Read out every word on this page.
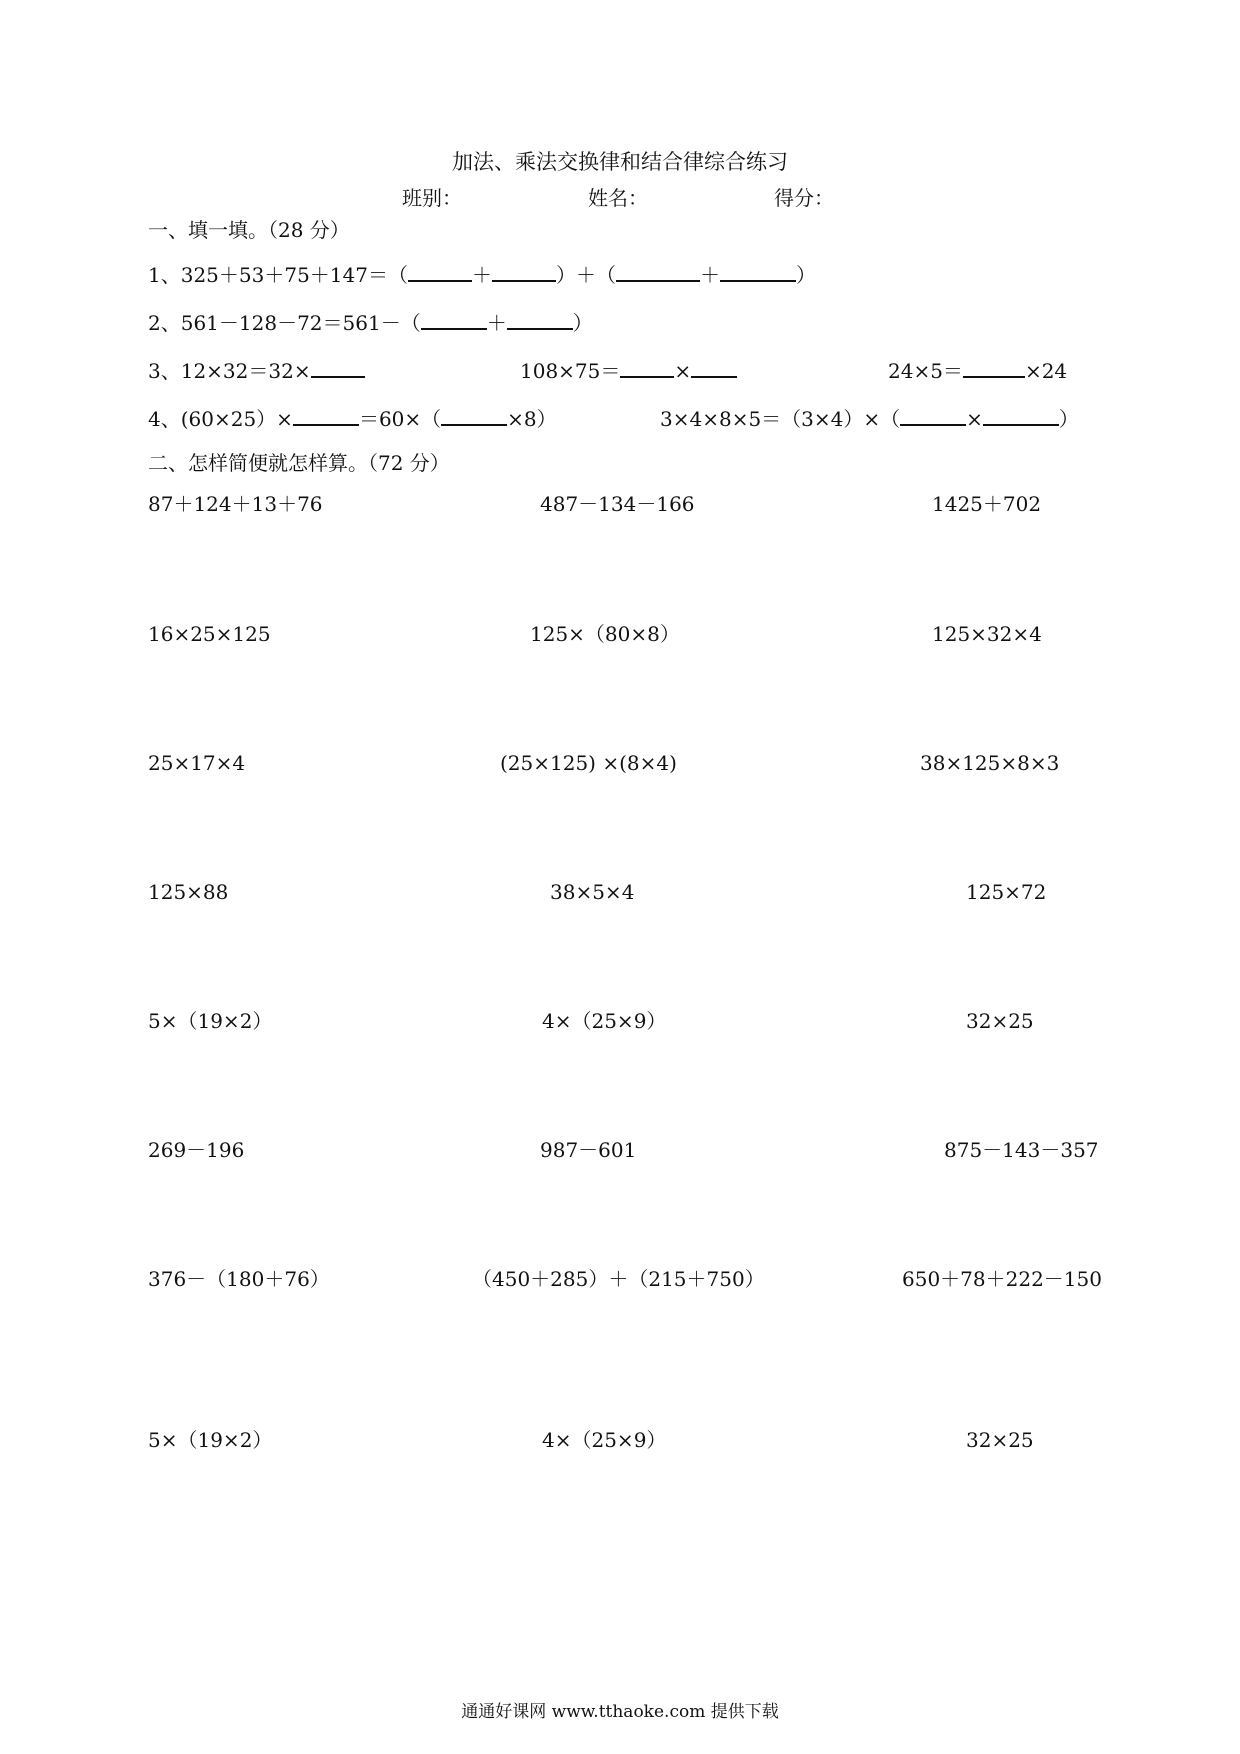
加法、乘法交换律和结合律综合练习
班别：	姓名：	得分：
一、填一填。（28 分）
1、325＋53＋75＋147＝（	＋	）＋（	＋	）
2、561－128－72＝561－（	＋	）
3、12×32＝32×	108×75＝	×	24×5＝	×24
4、(60×25）×	＝60×（	×8）	3×4×8×5＝（3×4）×（	×	）
二、怎样简便就怎样算。（72 分）
87＋124＋13＋76	487－134－166	1425＋702
16×25×125	125×（80×8）	125×32×4
25×17×4	(25×125) ×(8×4)	38×125×8×3
125×88	38×5×4	125×72
5×（19×2）	4×（25×9）	32×25
269－196	987－601	875－143－357
376－（180＋76）	（450＋285）＋（215＋750）	650＋78＋222－150
5×（19×2）	4×（25×9）	32×25
通通好课网 www.tthaoke.com 提供下载
